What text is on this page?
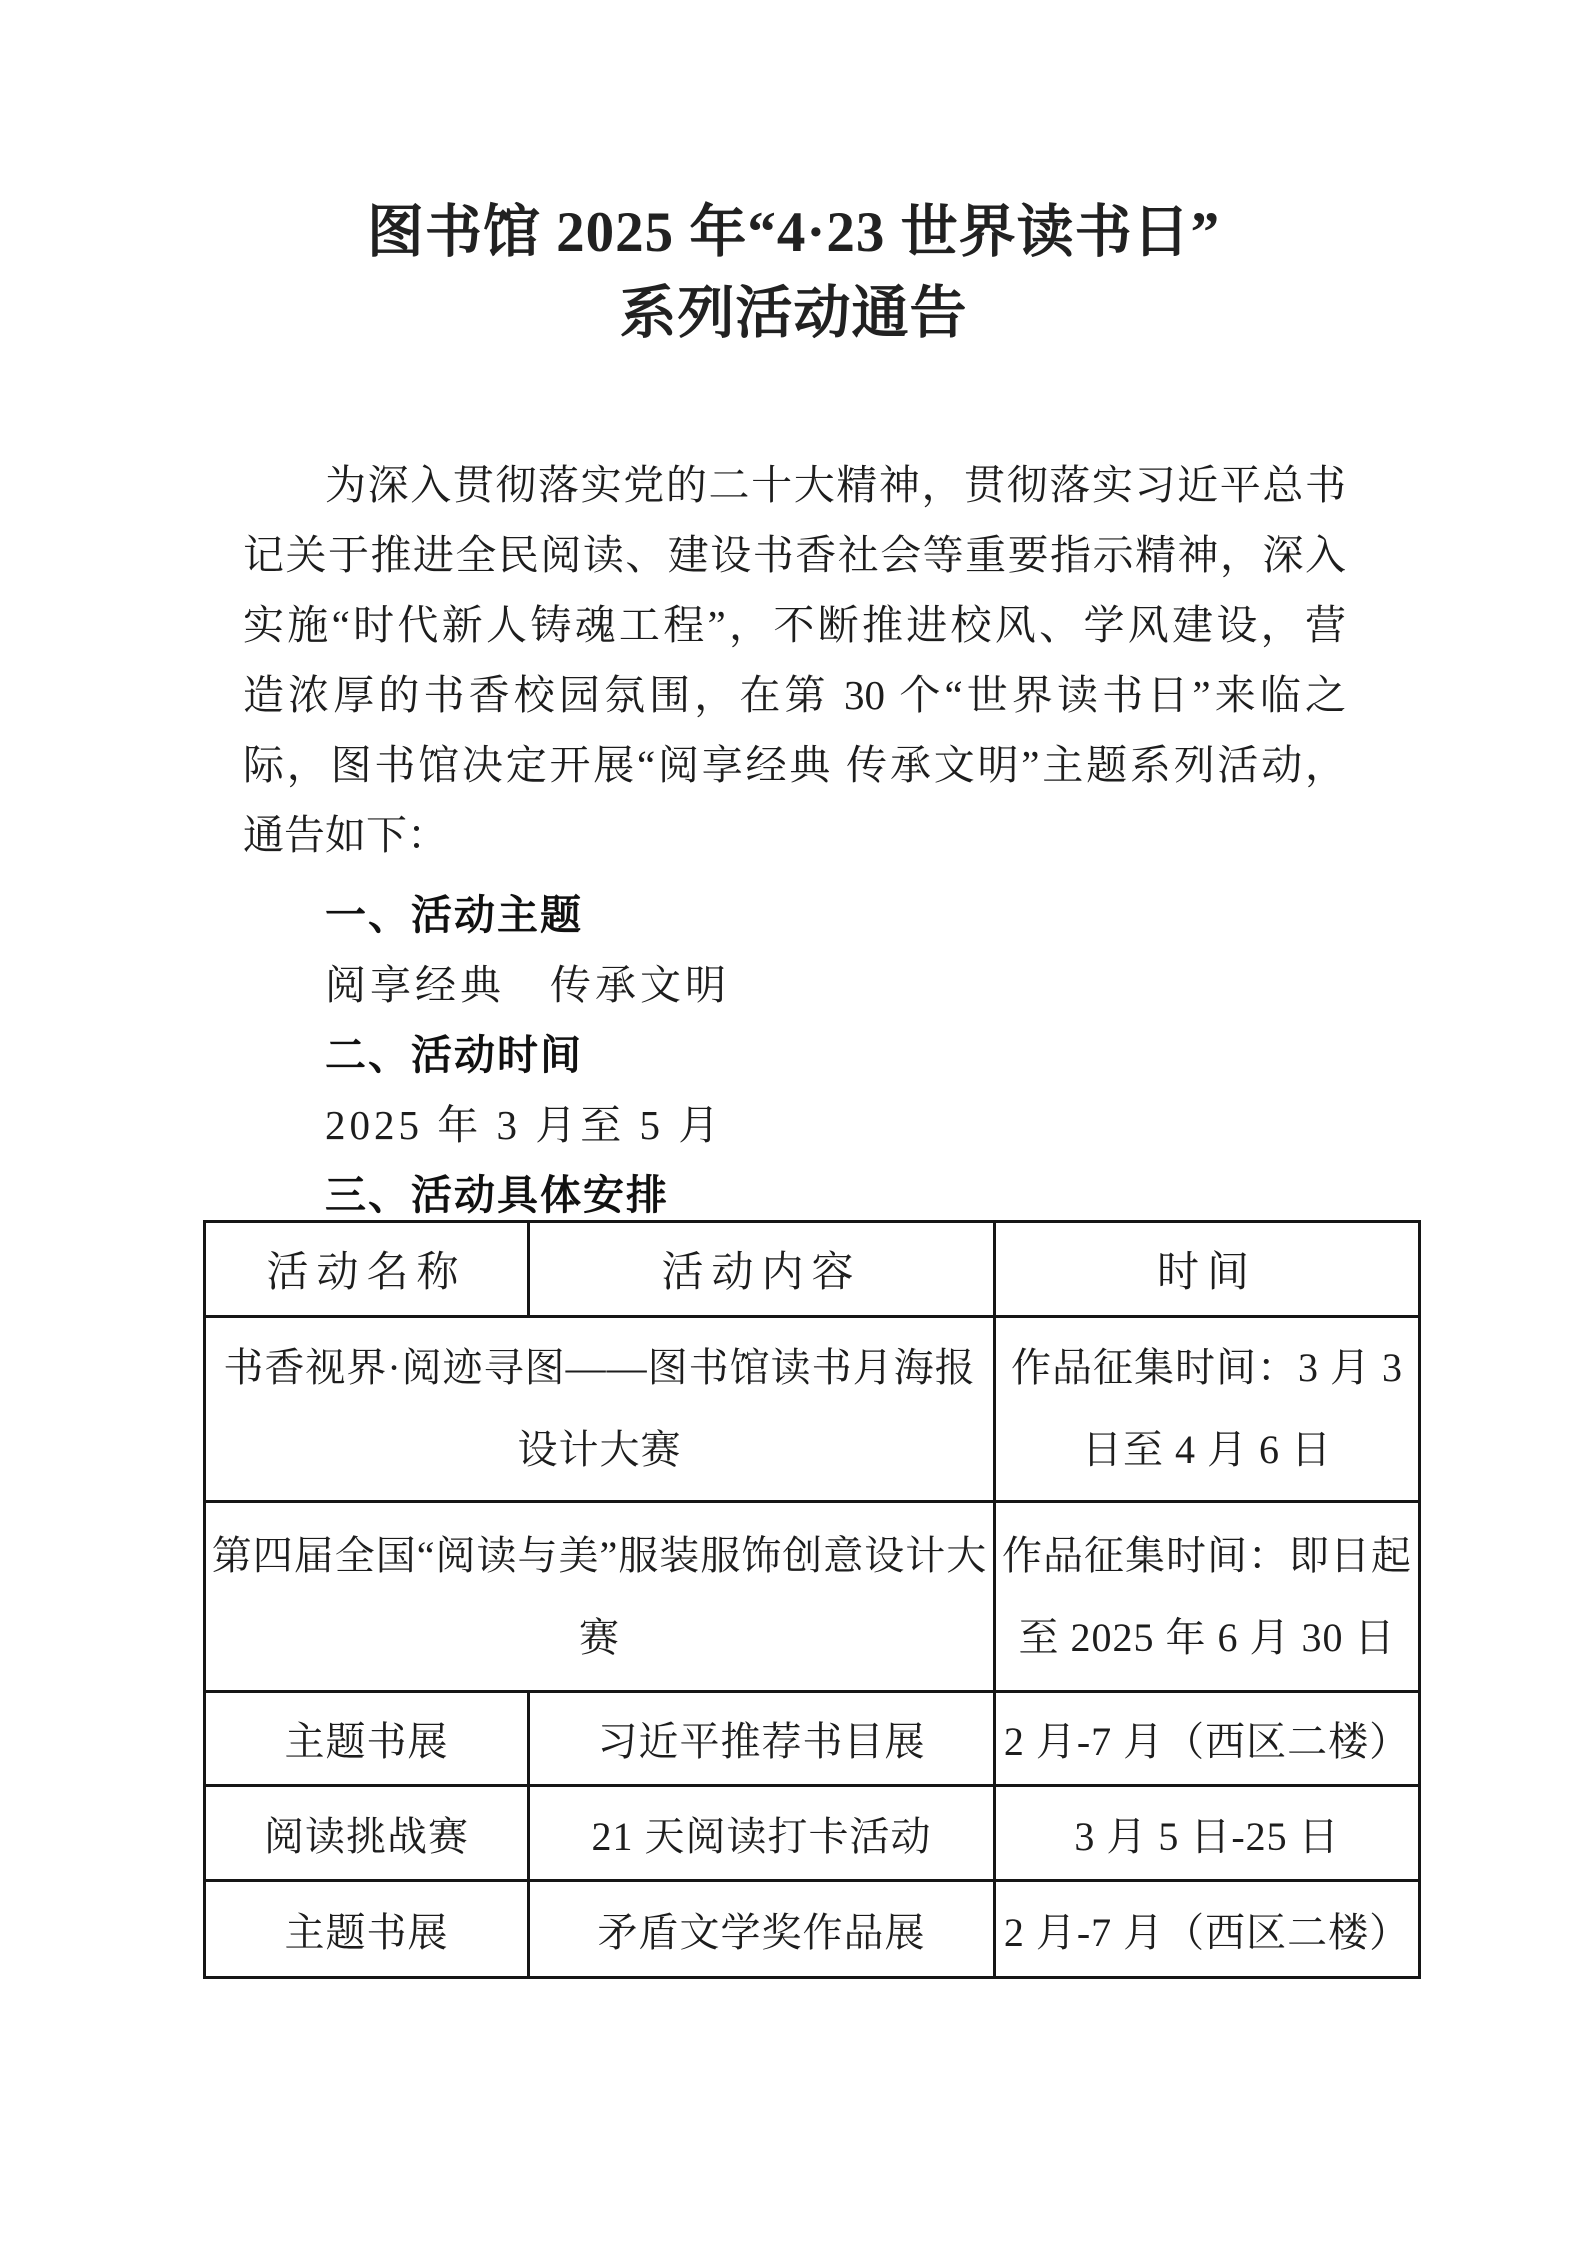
图书馆 2025 年“4·23 世界读书日”
系列活动通告
为深入贯彻落实党的二十大精神，贯彻落实习近平总书
记关于推进全民阅读、建设书香社会等重要指示精神，深入
实施“时代新人铸魂工程”，不断推进校风、学风建设，营
造浓厚的书香校园氛围，在第 30 个“世界读书日”来临之
际，图书馆决定开展“阅享经典 传承文明”主题系列活动，
通告如下：
一、活动主题
阅享经典　传承文明
二、活动时间
2025 年 3 月至 5 月
三、活动具体安排
活动名称	活动内容	时间
书香视界·阅迹寻图——图书馆读书月海报设计大赛		作品征集时间：3 月 3 日至 4 月 6 日
第四届全国“阅读与美”服装服饰创意设计大赛		作品征集时间：即日起至 2025 年 6 月 30 日
主题书展	习近平推荐书目展	2 月-7 月（西区二楼）
阅读挑战赛	21 天阅读打卡活动	3 月 5 日-25 日
主题书展	矛盾文学奖作品展	2 月-7 月（西区二楼）
